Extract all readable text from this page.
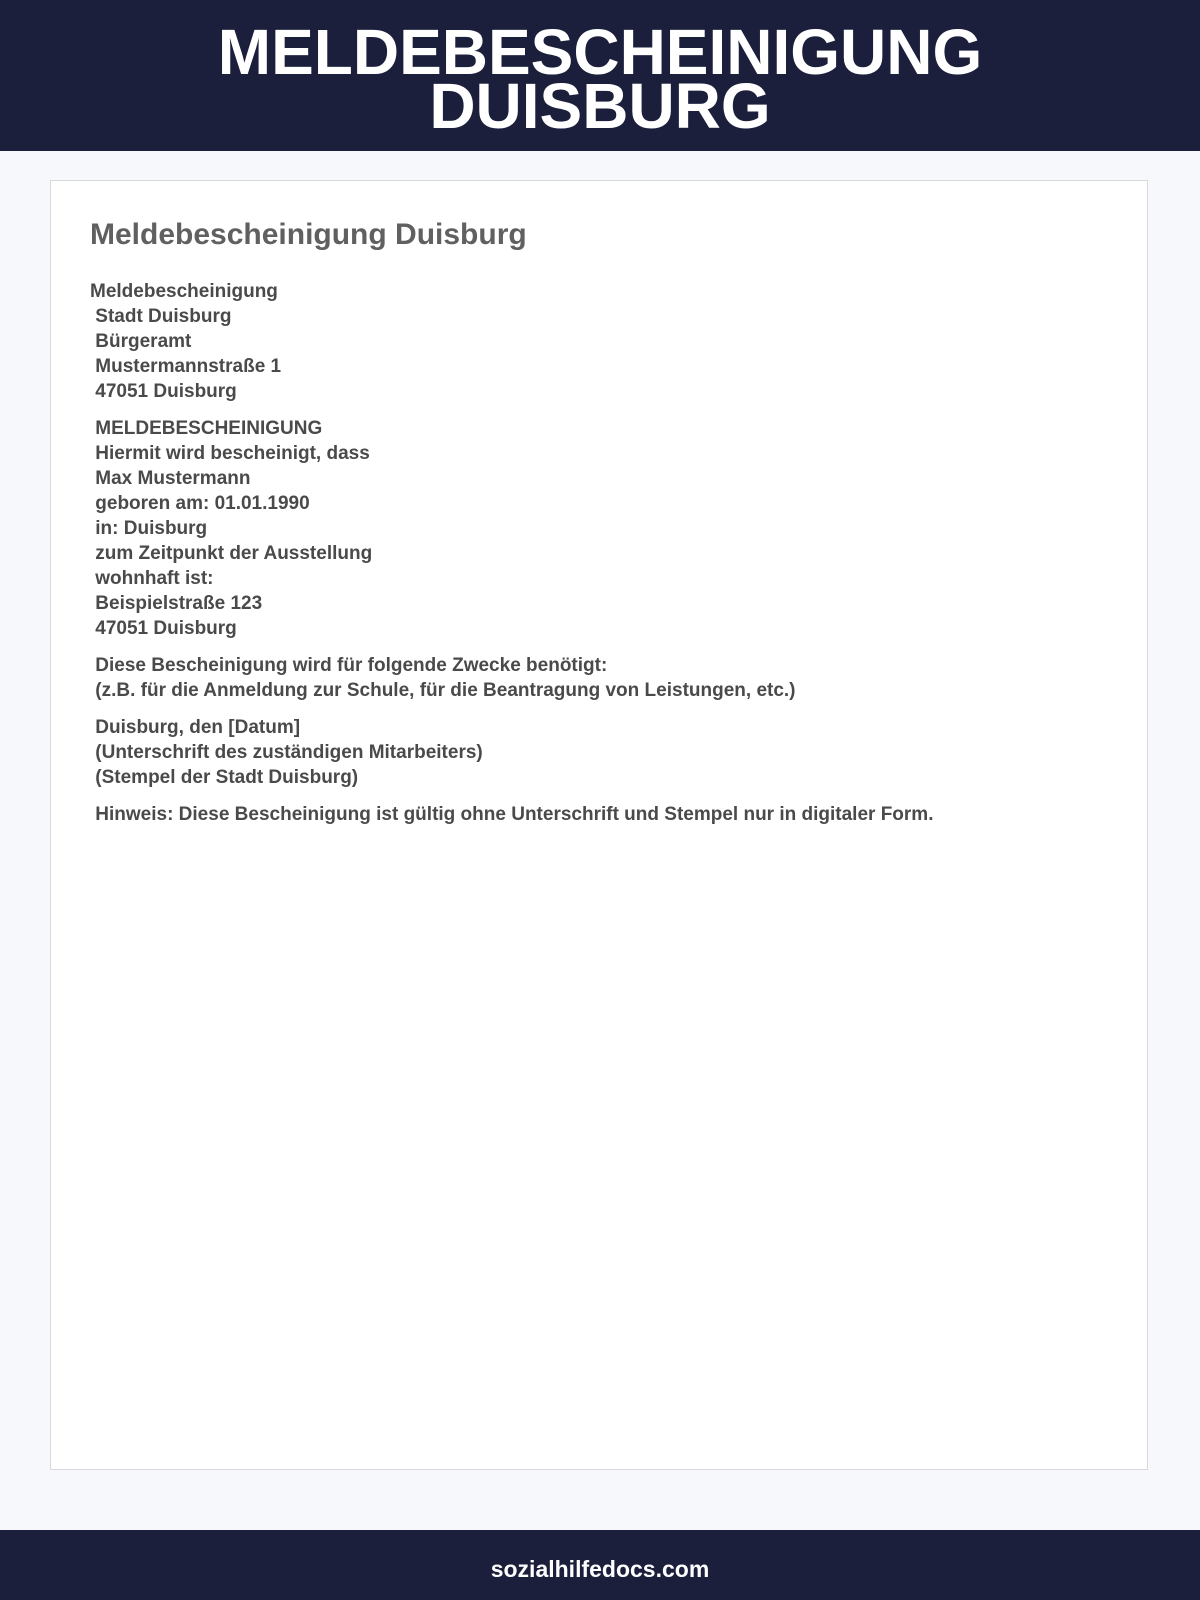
MELDEBESCHEINIGUNG
DUISBURG
Meldebescheinigung Duisburg

Meldebescheinigung
Stadt Duisburg
Bürgeramt
Mustermannstraße 1
47051 Duisburg

MELDEBESCHEINIGUNG
Hiermit wird bescheinigt, dass
Max Mustermann
geboren am: 01.01.1990
in: Duisburg
zum Zeitpunkt der Ausstellung
wohnhaft ist:
Beispielstraße 123
47051 Duisburg

Diese Bescheinigung wird für folgende Zwecke benötigt:
(z.B. für die Anmeldung zur Schule, für die Beantragung von Leistungen, etc.)

Duisburg, den [Datum]
(Unterschrift des zuständigen Mitarbeiters)
(Stempel der Stadt Duisburg)

Hinweis: Diese Bescheinigung ist gültig ohne Unterschrift und Stempel nur in digitaler Form.

sozialhilfedocs.com
